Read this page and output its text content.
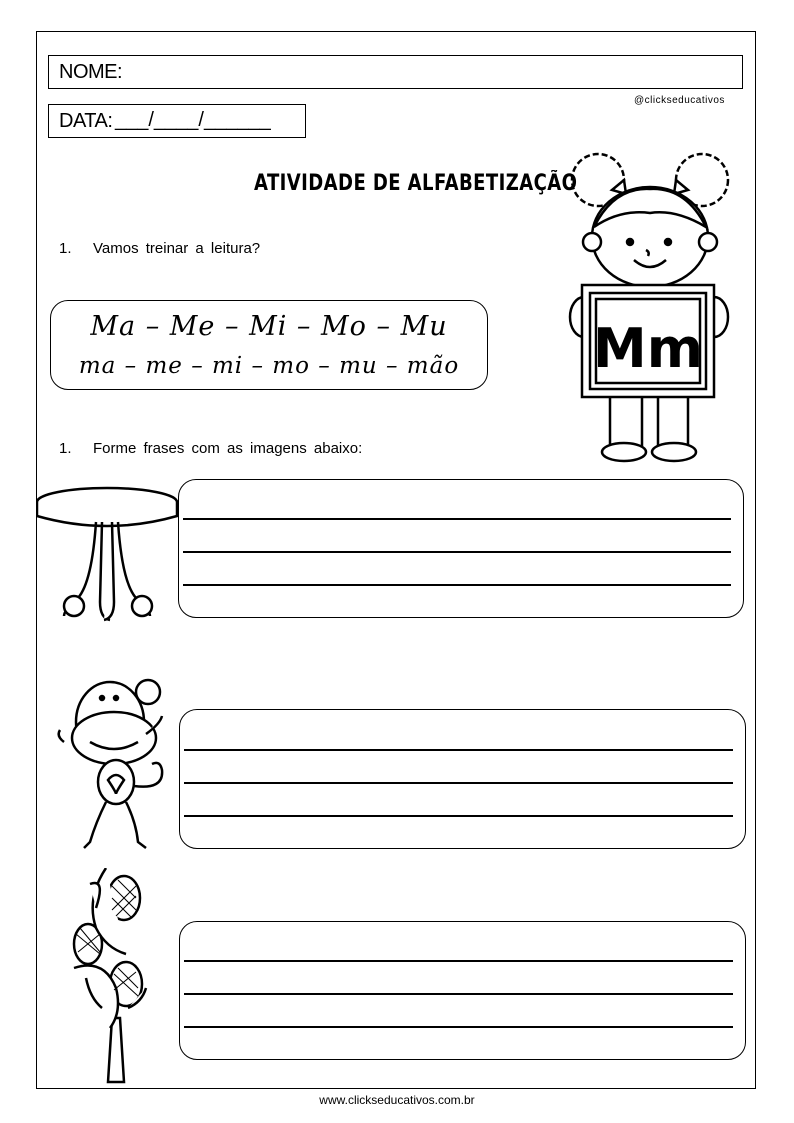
NOME:
@clickseducativos
DATA: ___/____/______
ATIVIDADE DE ALFABETIZAÇÃO
1. Vamos treinar a leitura?
Ma – Me – Mi – Mo – Mu
ma – me – mi – mo – mu – mão
1. Forme frases com as imagens abaixo:
Mm
www.clickseducativos.com.br
